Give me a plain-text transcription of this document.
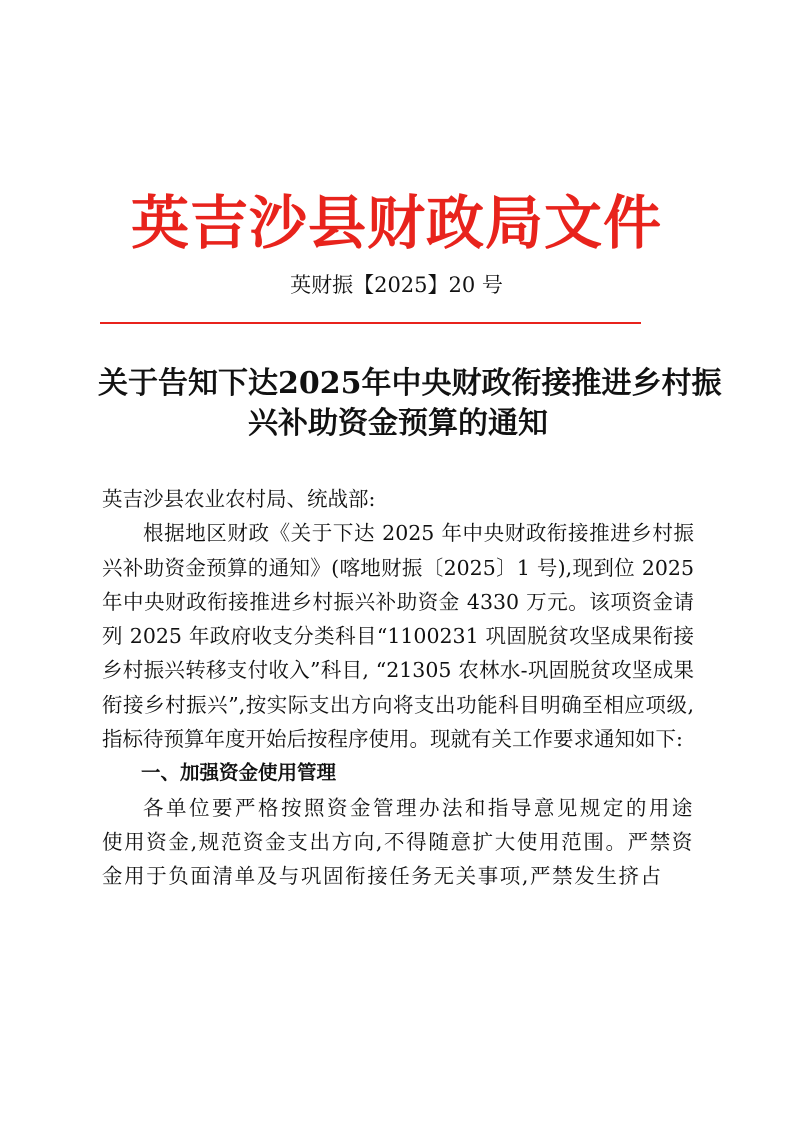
英吉沙县财政局文件
英财振【2025】20 号
关于告知下达2025年中央财政衔接推进乡村振
兴补助资金预算的通知

英吉沙县农业农村局、统战部:

根据地区财政《关于下达 2025 年中央财政衔接推进乡村振兴补助资金预算的通知》(喀地财振〔2025〕1 号),现到位 2025 年中央财政衔接推进乡村振兴补助资金 4330 万元。该项资金请列 2025 年政府收支分类科目“1100231 巩固脱贫攻坚成果衔接乡村振兴转移支付收入”科目, “21305 农林水-巩固脱贫攻坚成果衔接乡村振兴”,按实际支出方向将支出功能科目明确至相应项级,指标待预算年度开始后按程序使用。现就有关工作要求通知如下:

一、加强资金使用管理

各单位要严格按照资金管理办法和指导意见规定的用途使用资金,规范资金支出方向,不得随意扩大使用范围。严禁资金用于负面清单及与巩固衔接任务无关事项,严禁发生挤占
